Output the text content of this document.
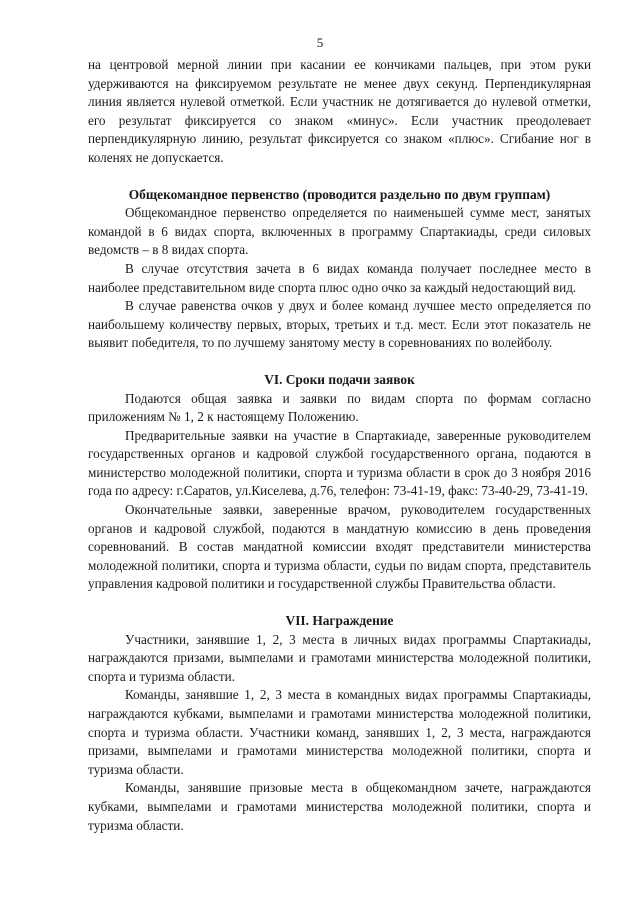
5

на центровой мерной линии при касании ее кончиками пальцев, при этом руки удерживаются на фиксируемом результате не менее двух секунд. Перпендикулярная линия является нулевой отметкой. Если участник не дотягивается до нулевой отметки, его результат фиксируется со знаком «минус». Если участник преодолевает перпендикулярную линию, результат фиксируется со знаком «плюс». Сгибание ног в коленях не допускается.

Общекомандное первенство (проводится раздельно по двум группам)

Общекомандное первенство определяется по наименьшей сумме мест, занятых командой в 6 видах спорта, включенных в программу Спартакиады, среди силовых ведомств – в 8 видах спорта.

В случае отсутствия зачета в 6 видах команда получает последнее место в наиболее представительном виде спорта плюс одно очко за каждый недостающий вид.

В случае равенства очков у двух и более команд лучшее место определяется по наибольшему количеству первых, вторых, третьих и т.д. мест. Если этот показатель не выявит победителя, то по лучшему занятому месту в соревнованиях по волейболу.

VI. Сроки подачи заявок

Подаются общая заявка и заявки по видам спорта по формам согласно приложениям № 1, 2 к настоящему Положению.

Предварительные заявки на участие в Спартакиаде, заверенные руководителем государственных органов и кадровой службой государственного органа, подаются в министерство молодежной политики, спорта и туризма области в срок до 3 ноября 2016 года по адресу: г.Саратов, ул.Киселева, д.76, телефон: 73-41-19, факс: 73-40-29, 73-41-19.

Окончательные заявки, заверенные врачом, руководителем государственных органов и кадровой службой, подаются в мандатную комиссию в день проведения соревнований. В состав мандатной комиссии входят представители министерства молодежной политики, спорта и туризма области, судьи по видам спорта, представитель управления кадровой политики и государственной службы Правительства области.

VII. Награждение

Участники, занявшие 1, 2, 3 места в личных видах программы Спартакиады, награждаются призами, вымпелами и грамотами министерства молодежной политики, спорта и туризма области.

Команды, занявшие 1, 2, 3 места в командных видах программы Спартакиады, награждаются кубками, вымпелами и грамотами министерства молодежной политики, спорта и туризма области. Участники команд, занявших 1, 2, 3 места, награждаются призами, вымпелами и грамотами министерства молодежной политики, спорта и туризма области.

Команды, занявшие призовые места в общекомандном зачете, награждаются кубками, вымпелами и грамотами министерства молодежной политики, спорта и туризма области.
